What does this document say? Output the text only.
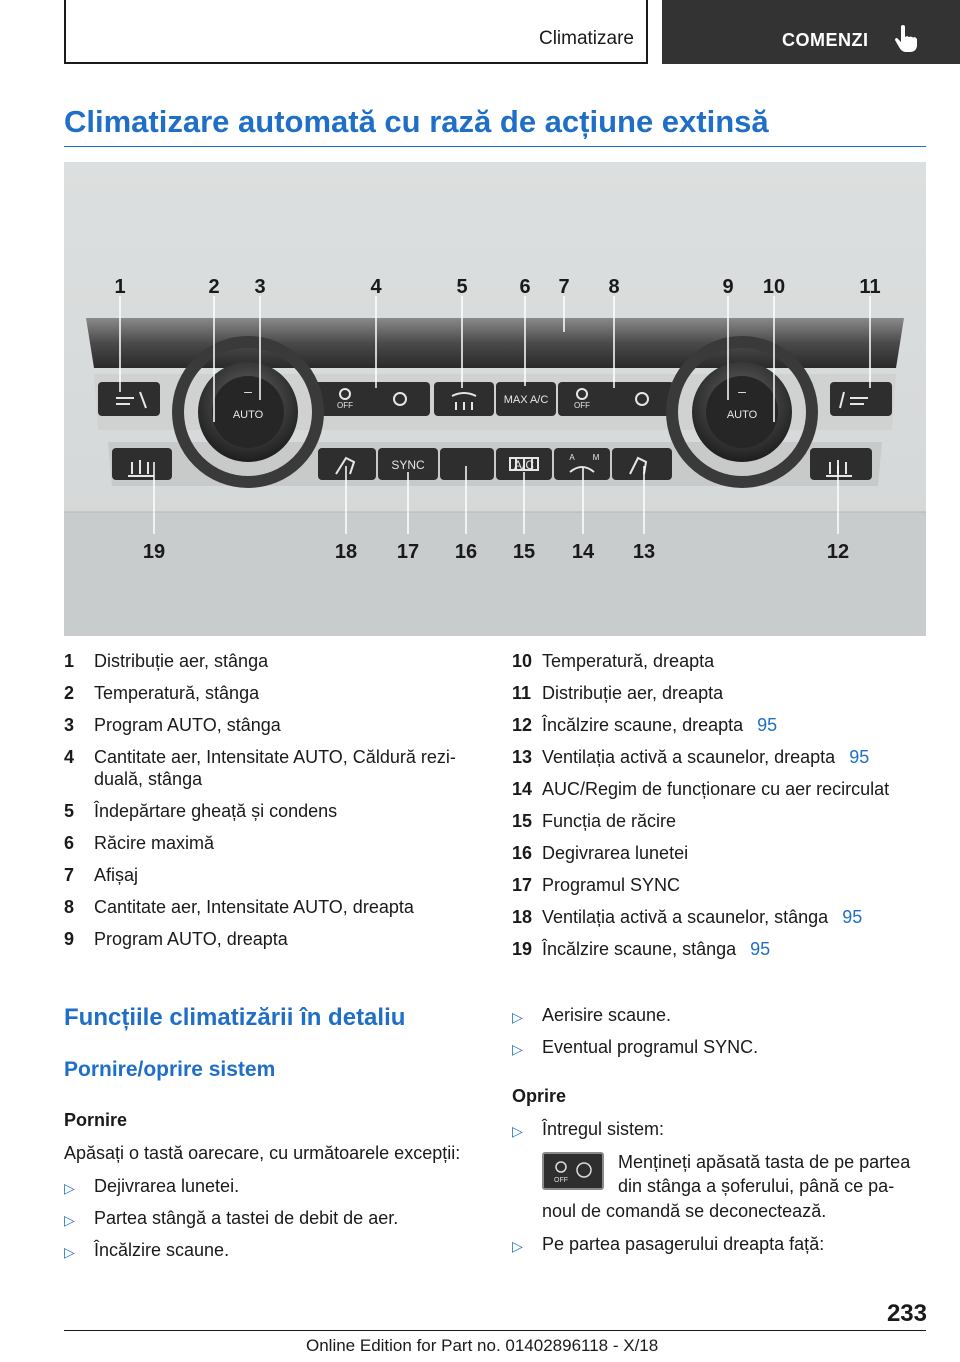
Climatizare	COMENZI
Climatizare automată cu rază de acțiune extinsă
AUTO
–
AUTO
–
OFF	OFF
MAX A/C
SYNC	A/C
A M
1	2 3	4	5	6 7 8	9 10	11
19	18 17 16 15 14 13	12
1 Distribuție aer, stânga
2 Temperatură, stânga
3 Program AUTO, stânga
4 Cantitate aer, Intensitate AUTO, Căldură rezi-
duală, stânga
5 Îndepărtare gheață și condens
6 Răcire maximă
7 Afișaj
8 Cantitate aer, Intensitate AUTO, dreapta
9 Program AUTO, dreapta
10 Temperatură, dreapta
11 Distribuție aer, dreapta
12 Încălzire scaune, dreapta 95
13 Ventilația activă a scaunelor, dreapta 95
14 AUC/Regim de funcționare cu aer recirculat
15 Funcția de răcire
16 Degivrarea lunetei
17 Programul SYNC
18 Ventilația activă a scaunelor, stânga 95
19 Încălzire scaune, stânga 95
Funcțiile climatizării în detaliu
Pornire/oprire sistem
Pornire

Apăsați o tastă oarecare, cu următoarele excepții:

▷ Dejivrarea lunetei.
▷ Partea stângă a tastei de debit de aer.
▷ Încălzire scaune.
▷ Aerisire scaune.
▷ Eventual programul SYNC.
Oprire
▷ Întregul sistem:
OFF

Mențineți apăsată tasta de pe partea

din stânga a șoferului, până ce pa-

noul de comandă se deconectează.

▷ Pe partea pasagerului dreapta față:
233
Online Edition for Part no. 01402896118 - X/18
